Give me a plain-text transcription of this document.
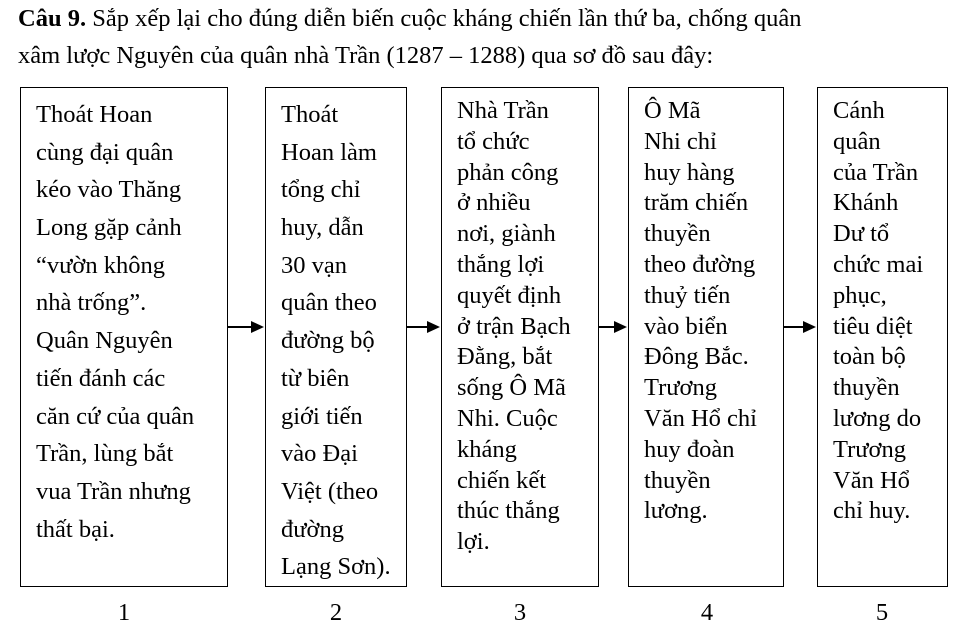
Câu 9. Sắp xếp lại cho đúng diễn biến cuộc kháng chiến lần thứ ba, chống quân
xâm lược Nguyên của quân nhà Trần (1287 – 1288) qua sơ đồ sau đây:
Thoát Hoan
cùng đại quân
kéo vào Thăng
Long gặp cảnh
“vườn không
nhà trống”.
Quân Nguyên
tiến đánh các
căn cứ của quân
Trần, lùng bắt
vua Trần nhưng
thất bại.
Thoát
Hoan làm
tổng chỉ
huy, dẫn
30 vạn
quân theo
đường bộ
từ biên
giới tiến
vào Đại
Việt (theo
đường
Lạng Sơn).
Nhà Trần
tổ chức
phản công
ở nhiều
nơi, giành
thắng lợi
quyết định
ở trận Bạch
Đằng, bắt
sống Ô Mã
Nhi. Cuộc
kháng
chiến kết
thúc thắng
lợi.
Ô Mã
Nhi chỉ
huy hàng
trăm chiến
thuyền
theo đường
thuỷ tiến
vào biển
Đông Bắc.
Trương
Văn Hổ chỉ
huy đoàn
thuyền
lương.
Cánh
quân
của Trần
Khánh
Dư tổ
chức mai
phục,
tiêu diệt
toàn bộ
thuyền
lương do
Trương
Văn Hổ
chỉ huy.
1	2	3	4	5
